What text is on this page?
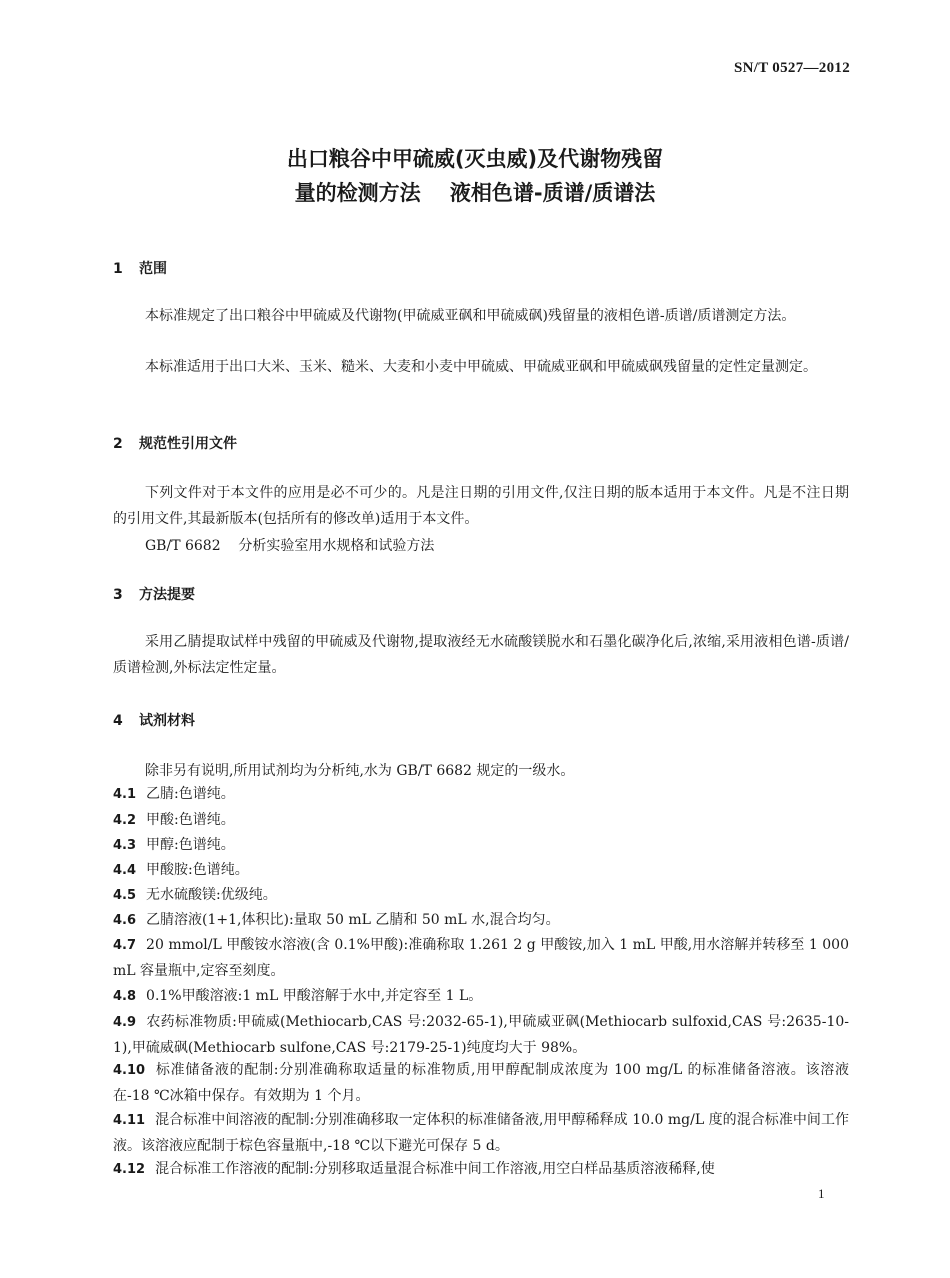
SN/T 0527—2012
出口粮谷中甲硫威(灭虫威)及代谢物残留
量的检测方法    液相色谱-质谱/质谱法
1 范围
本标准规定了出口粮谷中甲硫威及代谢物(甲硫威亚砜和甲硫威砜)残留量的液相色谱-质谱/质谱测定方法。
本标准适用于出口大米、玉米、糙米、大麦和小麦中甲硫威、甲硫威亚砜和甲硫威砜残留量的定性定量测定。
2 规范性引用文件
下列文件对于本文件的应用是必不可少的。凡是注日期的引用文件,仅注日期的版本适用于本文件。凡是不注日期的引用文件,其最新版本(包括所有的修改单)适用于本文件。
GB/T 6682    分析实验室用水规格和试验方法
3 方法提要
采用乙腈提取试样中残留的甲硫威及代谢物,提取液经无水硫酸镁脱水和石墨化碳净化后,浓缩,采用液相色谱-质谱/质谱检测,外标法定性定量。
4 试剂材料
除非另有说明,所用试剂均为分析纯,水为 GB/T 6682 规定的一级水。
4.1 乙腈:色谱纯。
4.2 甲酸:色谱纯。
4.3 甲醇:色谱纯。
4.4 甲酸胺:色谱纯。
4.5 无水硫酸镁:优级纯。
4.6 乙腈溶液(1+1,体积比):量取 50 mL 乙腈和 50 mL 水,混合均匀。
4.7 20 mmol/L 甲酸铵水溶液(含 0.1%甲酸):准确称取 1.261 2 g 甲酸铵,加入 1 mL 甲酸,用水溶解并转移至 1 000 mL 容量瓶中,定容至刻度。
4.8 0.1%甲酸溶液:1 mL 甲酸溶解于水中,并定容至 1 L。
4.9 农药标准物质:甲硫威(Methiocarb,CAS 号:2032-65-1),甲硫威亚砜(Methiocarb sulfoxid,CAS 号:2635-10-1),甲硫威砜(Methiocarb sulfone,CAS 号:2179-25-1)纯度均大于 98%。
4.10 标准储备液的配制:分别准确称取适量的标准物质,用甲醇配制成浓度为 100 mg/L 的标准储备溶液。该溶液在-18 ℃冰箱中保存。有效期为 1 个月。
4.11 混合标准中间溶液的配制:分别准确移取一定体积的标准储备液,用甲醇稀释成 10.0 mg/L 度的混合标准中间工作液。该溶液应配制于棕色容量瓶中,-18 ℃以下避光可保存 5 d。
4.12 混合标准工作溶液的配制:分别移取适量混合标准中间工作溶液,用空白样品基质溶液稀释,使
1
